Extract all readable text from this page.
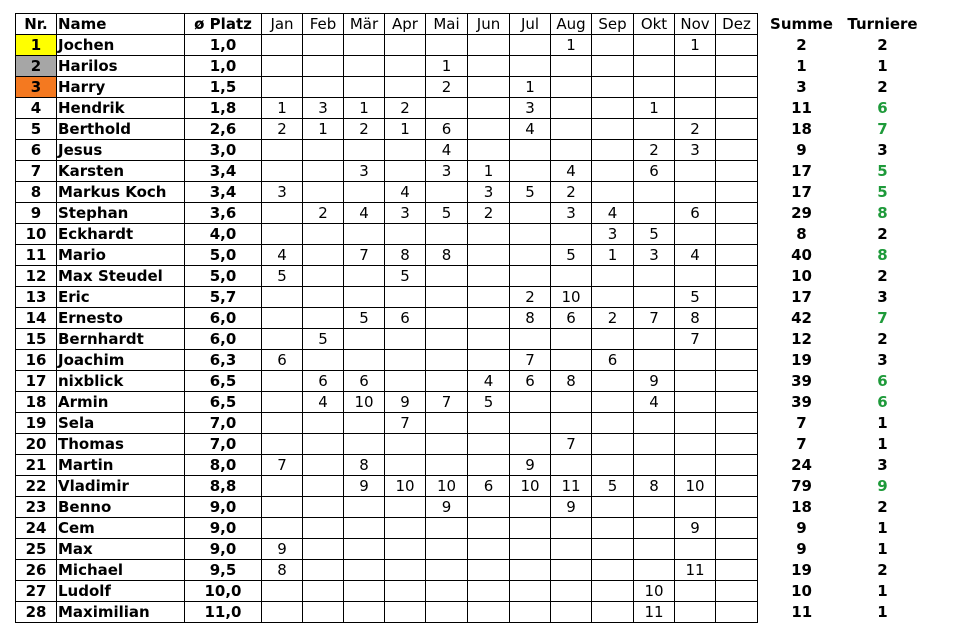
Nr.	Name	ø Platz	Jan	Feb	Mär	Apr	Mai	Jun	Jul	Aug	Sep	Okt	Nov	Dez	Summe	Turniere
1	Jochen	1,0								1			1		2	2
2	Harilos	1,0					1								1	1
3	Harry	1,5					2		1						3	2
4	Hendrik	1,8	1	3	1	2			3			1			11	6
5	Berthold	2,6	2	1	2	1	6		4				2		18	7
6	Jesus	3,0					4					2	3		9	3
7	Karsten	3,4			3		3	1		4		6			17	5
8	Markus Koch	3,4	3			4		3	5	2					17	5
9	Stephan	3,6		2	4	3	5	2		3	4		6		29	8
10	Eckhardt	4,0									3	5			8	2
11	Mario	5,0	4		7	8	8			5	1	3	4		40	8
12	Max Steudel	5,0	5			5									10	2
13	Eric	5,7							2	10			5		17	3
14	Ernesto	6,0			5	6			8	6	2	7	8		42	7
15	Bernhardt	6,0		5									7		12	2
16	Joachim	6,3	6						7		6				19	3
17	nixblick	6,5		6	6			4	6	8		9			39	6
18	Armin	6,5		4	10	9	7	5				4			39	6
19	Sela	7,0				7									7	1
20	Thomas	7,0								7					7	1
21	Martin	8,0	7		8				9						24	3
22	Vladimir	8,8			9	10	10	6	10	11	5	8	10		79	9
23	Benno	9,0					9			9					18	2
24	Cem	9,0											9		9	1
25	Max	9,0	9												9	1
26	Michael	9,5	8										11		19	2
27	Ludolf	10,0										10			10	1
28	Maximilian	11,0										11			11	1
